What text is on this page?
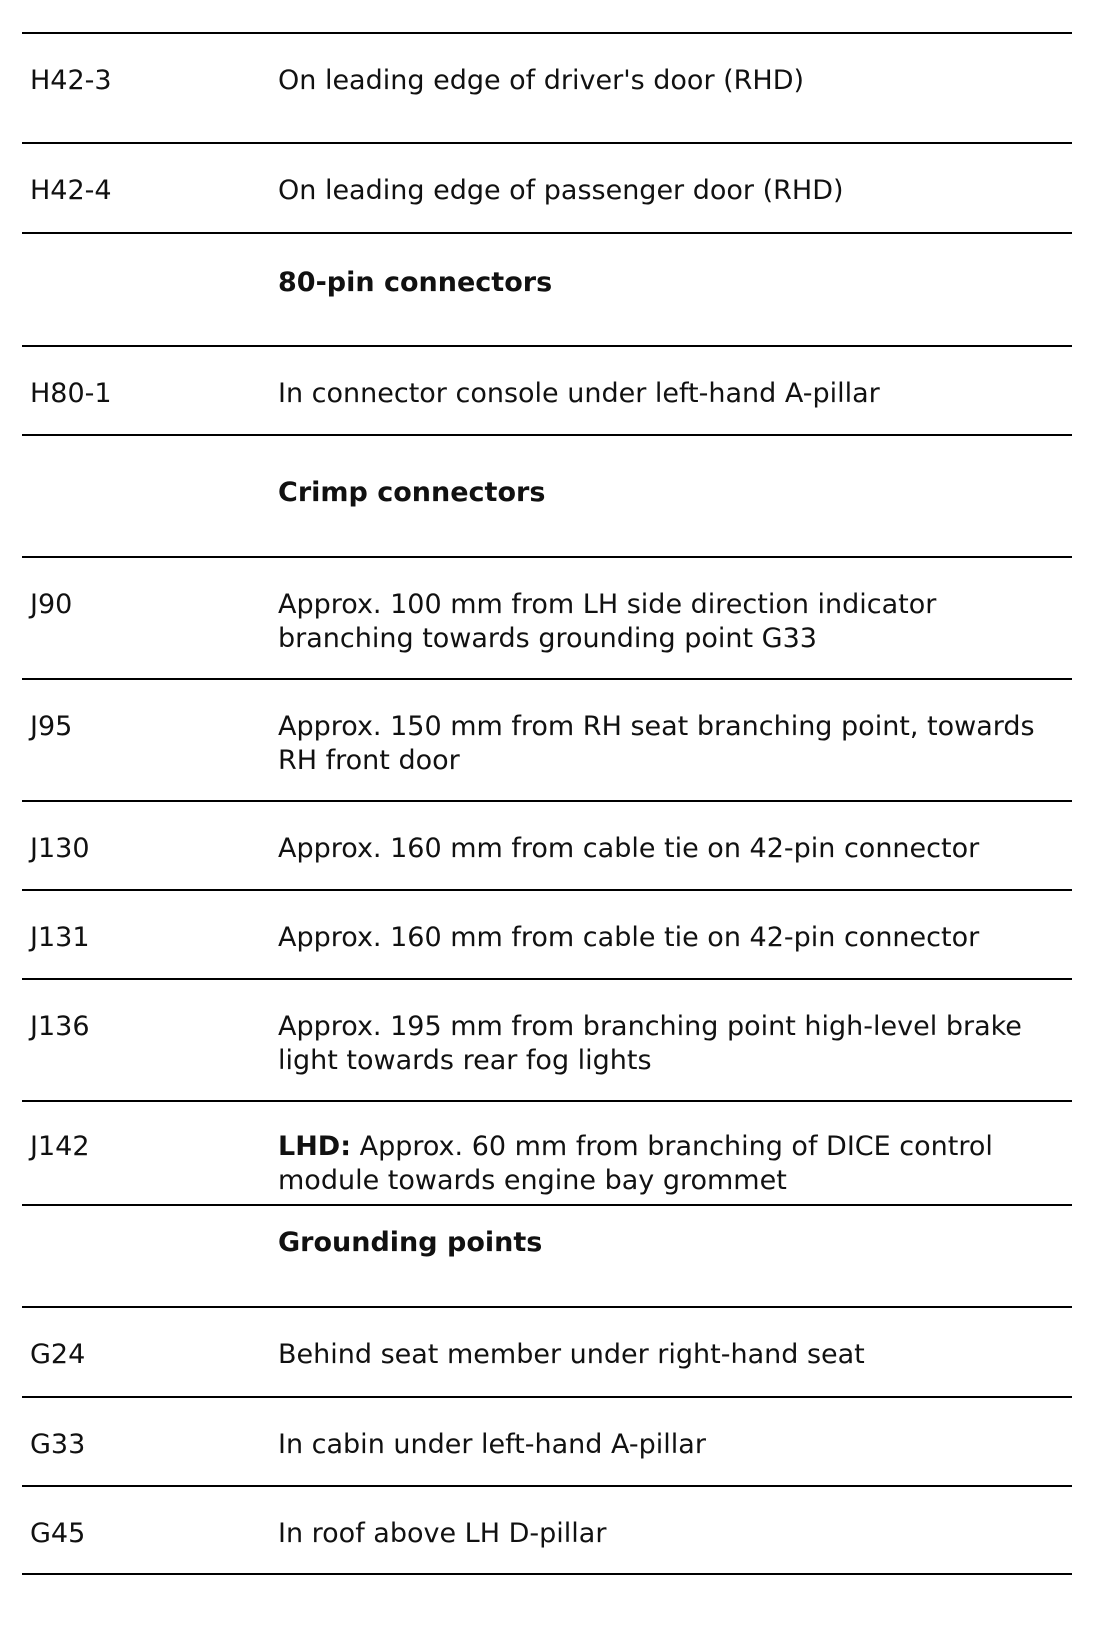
H42-3	On leading edge of driver's door (RHD)
H42-4	On leading edge of passenger door (RHD)
80-pin connectors
H80-1	In connector console under left-hand A-pillar
Crimp connectors
J90	Approx. 100 mm from LH side direction indicator branching towards grounding point G33
J95	Approx. 150 mm from RH seat branching point, towards RH front door
J130	Approx. 160 mm from cable tie on 42-pin connector
J131	Approx. 160 mm from cable tie on 42-pin connector
J136	Approx. 195 mm from branching point high-level brake light towards rear fog lights
J142	LHD: Approx. 60 mm from branching of DICE control module towards engine bay grommet
Grounding points
G24	Behind seat member under right-hand seat
G33	In cabin under left-hand A-pillar
G45	In roof above LH D-pillar
